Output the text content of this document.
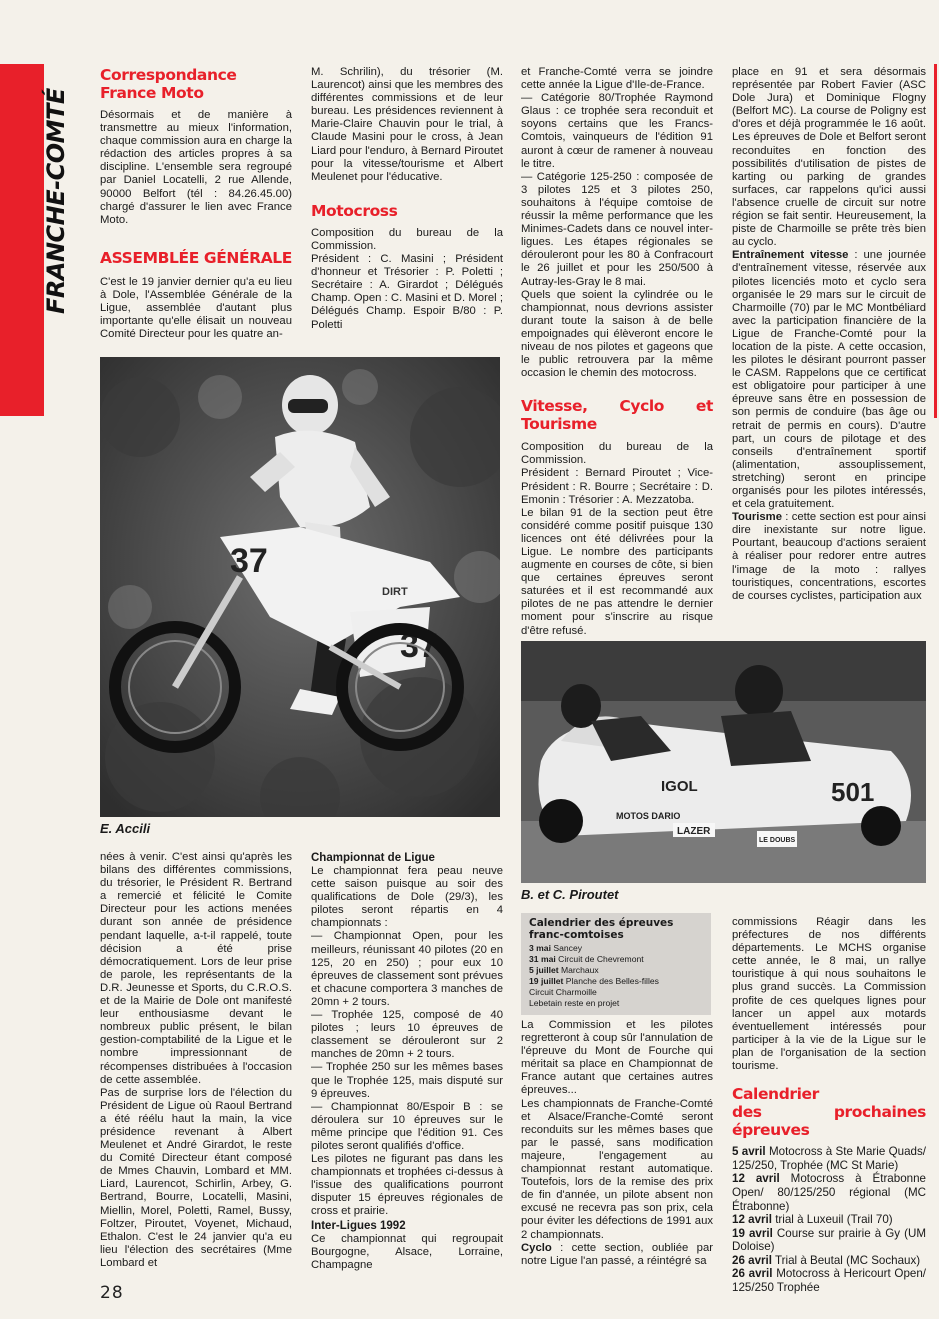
FRANCHE-COMTÉ
Correspondance
France Moto

Désormais et de manière à transmettre au mieux l'information, chaque commission aura en charge la rédaction des articles propres à sa discipline. L'ensemble sera regroupé par Daniel Locatelli, 2 rue Allende, 90000 Belfort (tél : 84.26.45.00) chargé d'assurer le lien avec France Moto.

ASSEMBLÉE GÉNÉRALE

C'est le 19 janvier dernier qu'a eu lieu à Dole, l'Assemblée Générale de la Ligue, assemblée d'autant plus importante qu'elle élisait un nouveau Comité Directeur pour les quatre an-

M. Schrilin), du trésorier (M. Laurencot) ainsi que les membres des différentes commissions et de leur bureau. Les présidences reviennent à Marie-Claire Chauvin pour le trial, à Claude Masini pour le cross, à Jean Liard pour l'enduro, à Bernard Piroutet pour la vitesse/tourisme et Albert Meulenet pour l'éducative.

Motocross

Composition du bureau de la Commission.

Président : C. Masini ; Président d'honneur et Trésorier : P. Poletti ; Secrétaire : A. Girardot ; Délégués Champ. Open : C. Masini et D. Morel ; Délégués Champ. Espoir B/80 : P. Poletti

et Franche-Comté verra se joindre cette année la Ligue d'Ile-de-France.

— Catégorie 80/Trophée Raymond Glaus : ce trophée sera reconduit et soyons certains que les Francs-Comtois, vainqueurs de l'édition 91 auront à cœur de ramener à nouveau le titre.

— Catégorie 125-250 : composée de 3 pilotes 125 et 3 pilotes 250, souhaitons à l'équipe comtoise de réussir la même performance que les Minimes-Cadets dans ce nouvel inter-ligues. Les étapes régionales se dérouleront pour les 80 à Confracourt le 26 juillet et pour les 250/500 à Autray-les-Gray le 8 mai.

Quels que soient la cylindrée ou le championnat, nous devrions assister durant toute la saison à de belle empoignades qui élèveront encore le niveau de nos pilotes et gageons que le public retrouvera par la même occasion le chemin des motocross.

Vitesse, Cyclo et Tourisme

Composition du bureau de la Commission.

Président : Bernard Piroutet ; Vice-Président : R. Bourre ; Secrétaire : D. Emonin : Trésorier : A. Mezzatoba.

Le bilan 91 de la section peut être considéré comme positif puisque 130 licences ont été délivrées pour la Ligue. Le nombre des participants augmente en courses de côte, si bien que certaines épreuves seront saturées et il est recommandé aux pilotes de ne pas attendre le dernier moment pour s'inscrire au risque d'être refusé.

place en 91 et sera désormais représentée par Robert Favier (ASC Dole Jura) et Dominique Flogny (Belfort MC). La course de Poligny est d'ores et déjà programmée le 16 août. Les épreuves de Dole et Belfort seront reconduites en fonction des possibilités d'utilisation de pistes de karting ou parking de grandes surfaces, car rappelons qu'ici aussi l'absence cruelle de circuit sur notre région se fait sentir. Heureusement, la piste de Charmoille se prête très bien au cyclo.

Entraînement vitesse : une journée d'entraînement vitesse, réservée aux pilotes licenciés moto et cyclo sera organisée le 29 mars sur le circuit de Charmoille (70) par le MC Montbéliard avec la participation financière de la Ligue de Franche-Comté pour la location de la piste. A cette occasion, les pilotes le désirant pourront passer le CASM. Rappelons que ce certificat est obligatoire pour participer à une épreuve sans être en possession de son permis de conduire (bas âge ou retrait de permis en cours). D'autre part, un cours de pilotage et des conseils d'entraînement sportif (alimentation, assouplissement, stretching) seront en principe organisés pour les pilotes intéressés, et cela gratuitement.

Tourisme : cette section est pour ainsi dire inexistante sur notre ligue. Pourtant, beaucoup d'actions seraient à réaliser pour redorer entre autres l'image de la moto : rallyes touristiques, concentrations, escortes de courses cyclistes, participation aux

37
37
DIRT
E. Accili
501
IGOL
MOTOS DARIO
LAZER
LE DOUBS
B. et C. Piroutet

nées à venir. C'est ainsi qu'après les bilans des différentes commissions, du trésorier, le Président R. Bertrand a remercié et félicité le Comite Directeur pour les actions menées durant son année de présidence pendant laquelle, a-t-il rappelé, toute décision a été prise démocratiquement. Lors de leur prise de parole, les représentants de la D.R. Jeunesse et Sports, du C.R.O.S. et de la Mairie de Dole ont manifesté leur enthousiasme devant le nombreux public présent, le bilan gestion-comptabilité de la Ligue et le nombre impressionnant de récompenses distribuées à l'occasion de cette assemblée.

Pas de surprise lors de l'élection du Président de Ligue où Raoul Bertrand a été réélu haut la main, la vice présidence revenant à Albert Meulenet et André Girardot, le reste du Comité Directeur étant composé de Mmes Chauvin, Lombard et MM. Liard, Laurencot, Schirlin, Arbey, G. Bertrand, Bourre, Locatelli, Masini, Miellin, Morel, Poletti, Ramel, Bussy, Foltzer, Piroutet, Voyenet, Michaud, Ethalon. C'est le 24 janvier qu'a eu lieu l'élection des secrétaires (Mme Lombard et

Championnat de Ligue

Le championnat fera peau neuve cette saison puisque au soir des qualifications de Dole (29/3), les pilotes seront répartis en 4 championnats :

— Championnat Open, pour les meilleurs, réunissant 40 pilotes (20 en 125, 20 en 250) ; pour eux 10 épreuves de classement sont prévues et chacune comportera 3 manches de 20mn + 2 tours.

— Trophée 125, composé de 40 pilotes ; leurs 10 épreuves de classement se dérouleront sur 2 manches de 20mn + 2 tours.

— Trophée 250 sur les mêmes bases que le Trophée 125, mais disputé sur 9 épreuves.

— Championnat 80/Espoir B : se déroulera sur 10 épreuves sur le même principe que l'édition 91. Ces pilotes seront qualifiés d'office.

Les pilotes ne figurant pas dans les championnats et trophées ci-dessus à l'issue des qualifications pourront disputer 15 épreuves régionales de cross et prairie.

Inter-Ligues 1992

Ce championnat qui regroupait Bourgogne, Alsace, Lorraine, Champagne

Calendrier des épreuves
franc-comtoises
3 mai Sancey
31 mai Circuit de Chevremont
5 juillet Marchaux
19 juillet Planche des Belles-filles
Circuit Charmoille
Lebetain reste en projet

La Commission et les pilotes regretteront à coup sûr l'annulation de l'épreuve du Mont de Fourche qui méritait sa place en Championnat de France autant que certaines autres épreuves...

Les championnats de Franche-Comté et Alsace/Franche-Comté seront reconduits sur les mêmes bases que par le passé, sans modification majeure, l'engagement au championnat restant automatique. Toutefois, lors de la remise des prix de fin d'année, un pilote absent non excusé ne recevra pas son prix, cela pour éviter les défections de 1991 aux 2 championnats.

Cyclo : cette section, oubliée par notre Ligue l'an passé, a réintégré sa

commissions Réagir dans les préfectures de nos différents départements. Le MCHS organise cette année, le 8 mai, un rallye touristique à qui nous souhaitons le plus grand succès. La Commission profite de ces quelques lignes pour lancer un appel aux motards éventuellement intéressés pour participer à la vie de la Ligue sur le plan de l'organisation de la section tourisme.

Calendrier
des prochaines épreuves
5 avril Motocross à Ste Marie Quads/ 125/250, Trophée (MC St Marie)
12 avril Motocross à Étrabonne Open/ 80/125/250 régional (MC Étrabonne)
12 avril trial à Luxeuil (Trail 70)
19 avril Course sur prairie à Gy (UM Doloise)
26 avril Trial à Beutal (MC Sochaux)
26 avril Motocross à Hericourt Open/ 125/250 Trophée
28
